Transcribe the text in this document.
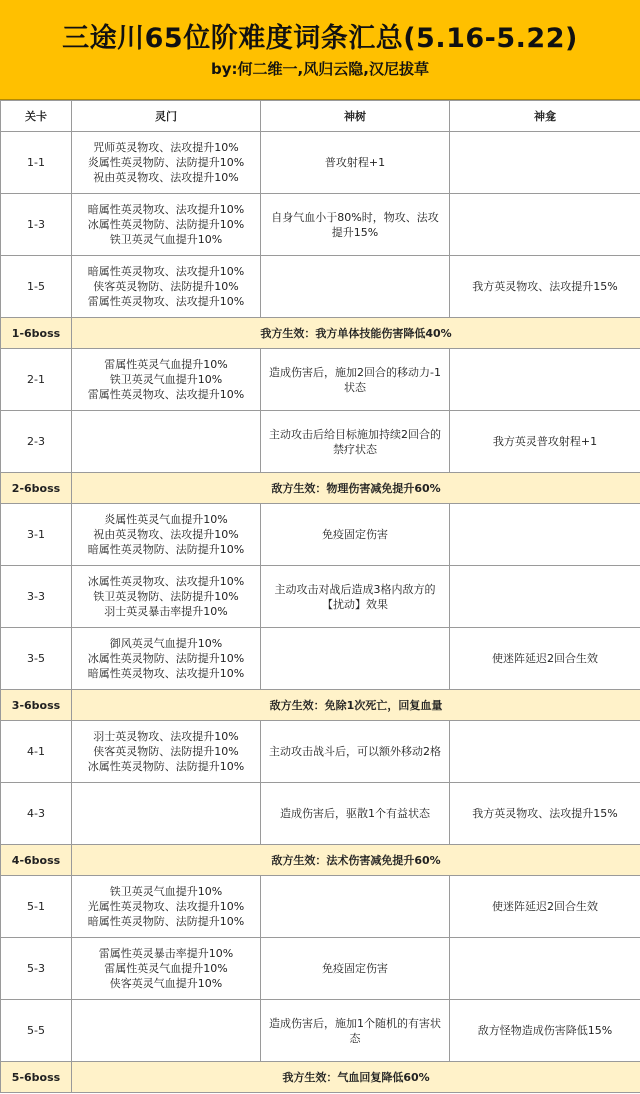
三途川65位阶难度词条汇总(5.16-5.22)
by:何二维一,风归云隐,汉尼拔草
关卡	灵门	神树	神龛
1-1	咒师英灵物攻、法攻提升10%
炎属性英灵物防、法防提升10%
祝由英灵物攻、法攻提升10%	普攻射程+1	
1-3	暗属性英灵物攻、法攻提升10%
冰属性英灵物防、法防提升10%
铁卫英灵气血提升10%	自身气血小于80%时，物攻、法攻提升15%	
1-5	暗属性英灵物攻、法攻提升10%
侠客英灵物防、法防提升10%
雷属性英灵物攻、法攻提升10%		我方英灵物攻、法攻提升15%
1-6boss	我方生效：我方单体技能伤害降低40%		
2-1	雷属性英灵气血提升10%
铁卫英灵气血提升10%
雷属性英灵物攻、法攻提升10%	造成伤害后，施加2回合的移动力-1状态	
2-3		主动攻击后给目标施加持续2回合的禁疗状态	我方英灵普攻射程+1
2-6boss	敌方生效：物理伤害减免提升60%		
3-1	炎属性英灵气血提升10%
祝由英灵物攻、法攻提升10%
暗属性英灵物防、法防提升10%	免疫固定伤害	
3-3	冰属性英灵物攻、法攻提升10%
铁卫英灵物防、法防提升10%
羽士英灵暴击率提升10%	主动攻击对战后造成3格内敌方的【扰动】效果	
3-5	御风英灵气血提升10%
冰属性英灵物防、法防提升10%
暗属性英灵物攻、法攻提升10%		使迷阵延迟2回合生效
3-6boss	敌方生效：免除1次死亡，回复血量		
4-1	羽士英灵物攻、法攻提升10%
侠客英灵物防、法防提升10%
冰属性英灵物防、法防提升10%	主动攻击战斗后，可以额外移动2格	
4-3		造成伤害后，驱散1个有益状态	我方英灵物攻、法攻提升15%
4-6boss	敌方生效：法术伤害减免提升60%		
5-1	铁卫英灵气血提升10%
光属性英灵物攻、法攻提升10%
暗属性英灵物防、法防提升10%		使迷阵延迟2回合生效
5-3	雷属性英灵暴击率提升10%
雷属性英灵气血提升10%
侠客英灵气血提升10%	免疫固定伤害	
5-5		造成伤害后，施加1个随机的有害状态	敌方怪物造成伤害降低15%
5-6boss	我方生效：气血回复降低60%		
